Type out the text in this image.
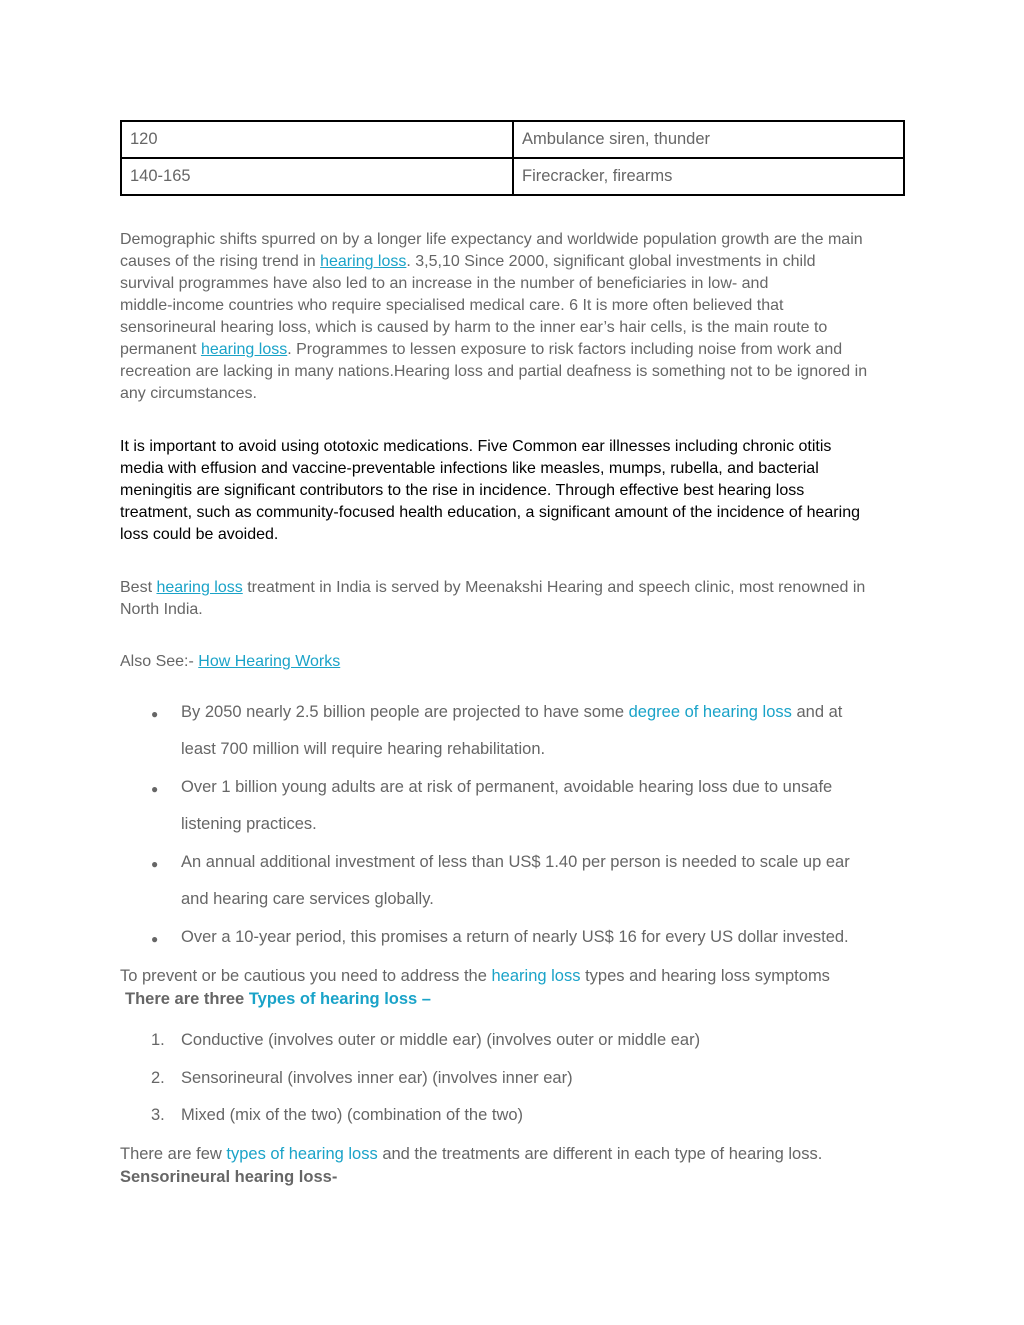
120	Ambulance siren, thunder
140-165	Firecracker, firearms
Demographic shifts spurred on by a longer life expectancy and worldwide population growth are the main
causes of the rising trend in hearing loss. 3,5,10 Since 2000, significant global investments in child
survival programmes have also led to an increase in the number of beneficiaries in low- and
middle-income countries who require specialised medical care. 6 It is more often believed that
sensorineural hearing loss, which is caused by harm to the inner ear’s hair cells, is the main route to
permanent hearing loss. Programmes to lessen exposure to risk factors including noise from work and
recreation are lacking in many nations.Hearing loss and partial deafness is something not to be ignored in
any circumstances.
It is important to avoid using ototoxic medications. Five Common ear illnesses including chronic otitis
media with effusion and vaccine-preventable infections like measles, mumps, rubella, and bacterial
meningitis are significant contributors to the rise in incidence. Through effective best hearing loss
treatment, such as community-focused health education, a significant amount of the incidence of hearing
loss could be avoided.
Best hearing loss treatment in India is served by Meenakshi Hearing and speech clinic, most renowned in
North India.
Also See:- How Hearing Works
● By 2050 nearly 2.5 billion people are projected to have some degree of hearing loss and at
least 700 million will require hearing rehabilitation.
● Over 1 billion young adults are at risk of permanent, avoidable hearing loss due to unsafe
listening practices.
● An annual additional investment of less than US$ 1.40 per person is needed to scale up ear
and hearing care services globally.
● Over a 10-year period, this promises a return of nearly US$ 16 for every US dollar invested.
To prevent or be cautious you need to address the hearing loss types and hearing loss symptoms
There are three Types of hearing loss –
1. Conductive (involves outer or middle ear) (involves outer or middle ear)
2. Sensorineural (involves inner ear) (involves inner ear)
3. Mixed (mix of the two) (combination of the two)
There are few types of hearing loss and the treatments are different in each type of hearing loss.
Sensorineural hearing loss-
